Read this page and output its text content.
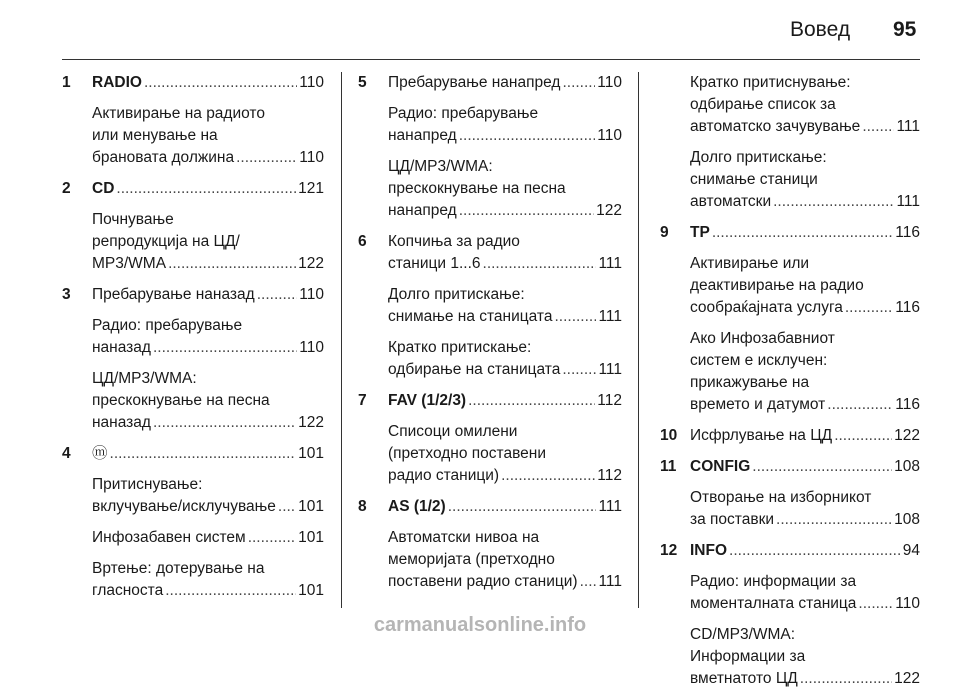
Вовед 95
1 RADIO .....	110
Активирање на радиото
или менување на
брановата должина .....	110
2 CD .....	121
Почнување
репродукција на ЦД/
MP3/WMA .....	122
3 Пребарување наназад .....	110
Радио: пребарување
наназад .....	110
ЦД/MP3/WMA:
прескокнување на песна
наназад .....	122
4 ⓜ .....	101
Притиснување:
вклучување/исклучување ..... 101
Инфозабавен систем .....	101
Вртење: дотерување на
гласноста .....	101
5 Пребарување нанапред ..... 110
Радио: пребарување
нанапред .....	110
ЦД/MP3/WMA:
прескокнување на песна
нанапред .....	122
6 Копчиња за радио
станици 1...6 .....	111
Долго притискање:
снимање на станицата .....	111
Кратко притискање:
одбирање на станицата ..... 111
7 FAV (1/2/3) .....	112
Списоци омилени
(претходно поставени
радио станици) .....	112
8 AS (1/2) .....	111
Автоматски нивоа на
меморијата (претходно
поставени радио станици) ..... 111
Кратко притиснување:
одбирање список за
автоматско зачувување ..... 111
Долго притискање:
снимање станици
автоматски .....	111
9 TP .....	116
Активирање или
деактивирање на радио
сообраќајната услуга .....	116
Ако Инфозабавниот
систем е исклучен:
прикажување на
времето и датумот .....	116
10 Исфрлување на ЦД .....	122
11 CONFIG .....	108
Отворање на изборникот
за поставки .....	108
12 INFO .....	94
Радио: информации за
моменталната станица .....	110
CD/MP3/WMA:
Информации за
вметнатото ЦД .....	122
carmanualsonline.info
